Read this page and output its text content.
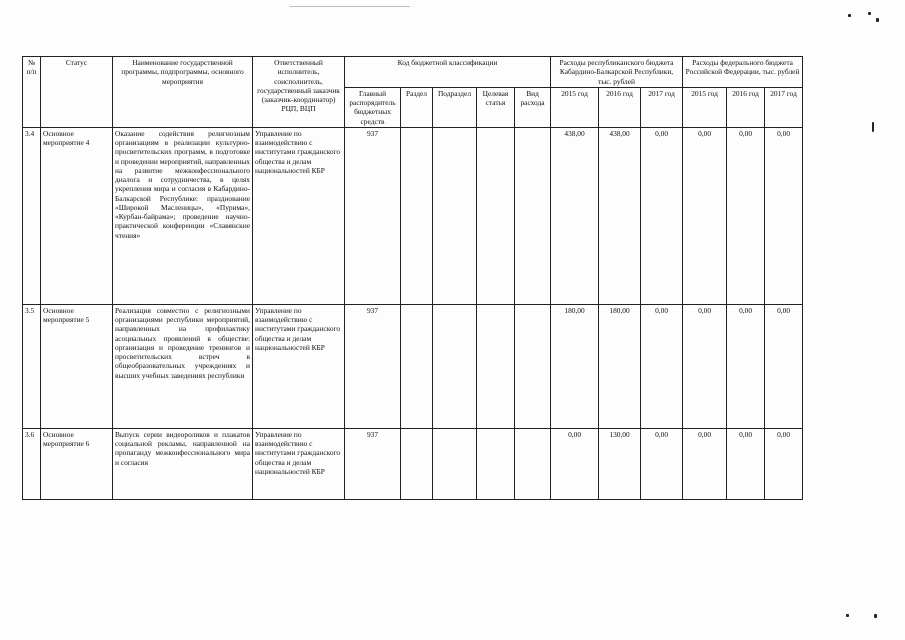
№ п/п	Статус	Наименование государственной программы, подпрограммы, основного мероприятия	Ответственный исполнитель, соисполнитель, государственный заказчик (заказчик-координатор) РЦП, ВЦП	Код бюджетной классификации					Расходы республиканского бюджета Кабардино-Балкарской Республики, тыс. рублей			Расходы федерального бюджета Российской Федерации, тыс. рублей		
				Главный распорядитель бюджетных средств	Раздел	Подраздел	Целевая статья	Вид расхода	2015 год	2016 год	2017 год	2015 год	2016 год	2017 год
3.4	Основное мероприятие 4	Оказание содействия религиозным организациям в реализации культурно-просветительских программ, в подготовке и проведении мероприятий, направленных на развитие межконфессионального диалога и сотрудничества, в целях укрепления мира и согласия в Кабардино-Балкарской Республике: празднование «Широкой Масленицы», «Пурима», «Курбан-байрама»; проведение научно-практической конференции «Славянские чтения»	Управление по взаимодействию с институтами гражданского общества и делам национальностей КБР	937					438,00	438,00	0,00	0,00	0,00	0,00
3.5	Основное мероприятие 5	Реализация совместно с религиозными организациями республики мероприятий, направленных на профилактику асоциальных проявлений в обществе: организация и проведение тренингов и просветительских встреч в общеобразовательных учреждениях и высших учебных заведениях республики	Управление по взаимодействию с институтами гражданского общества и делам национальностей КБР	937					180,00	180,00	0,00	0,00	0,00	0,00
3.6	Основное мероприятие 6	Выпуск серии видеороликов и плакатов социальной рекламы, направленной на пропаганду межконфессионального мира и согласия	Управление по взаимодействию с институтами гражданского общества и делам национальностей КБР	937					0,00	130,00	0,00	0,00	0,00	0,00
